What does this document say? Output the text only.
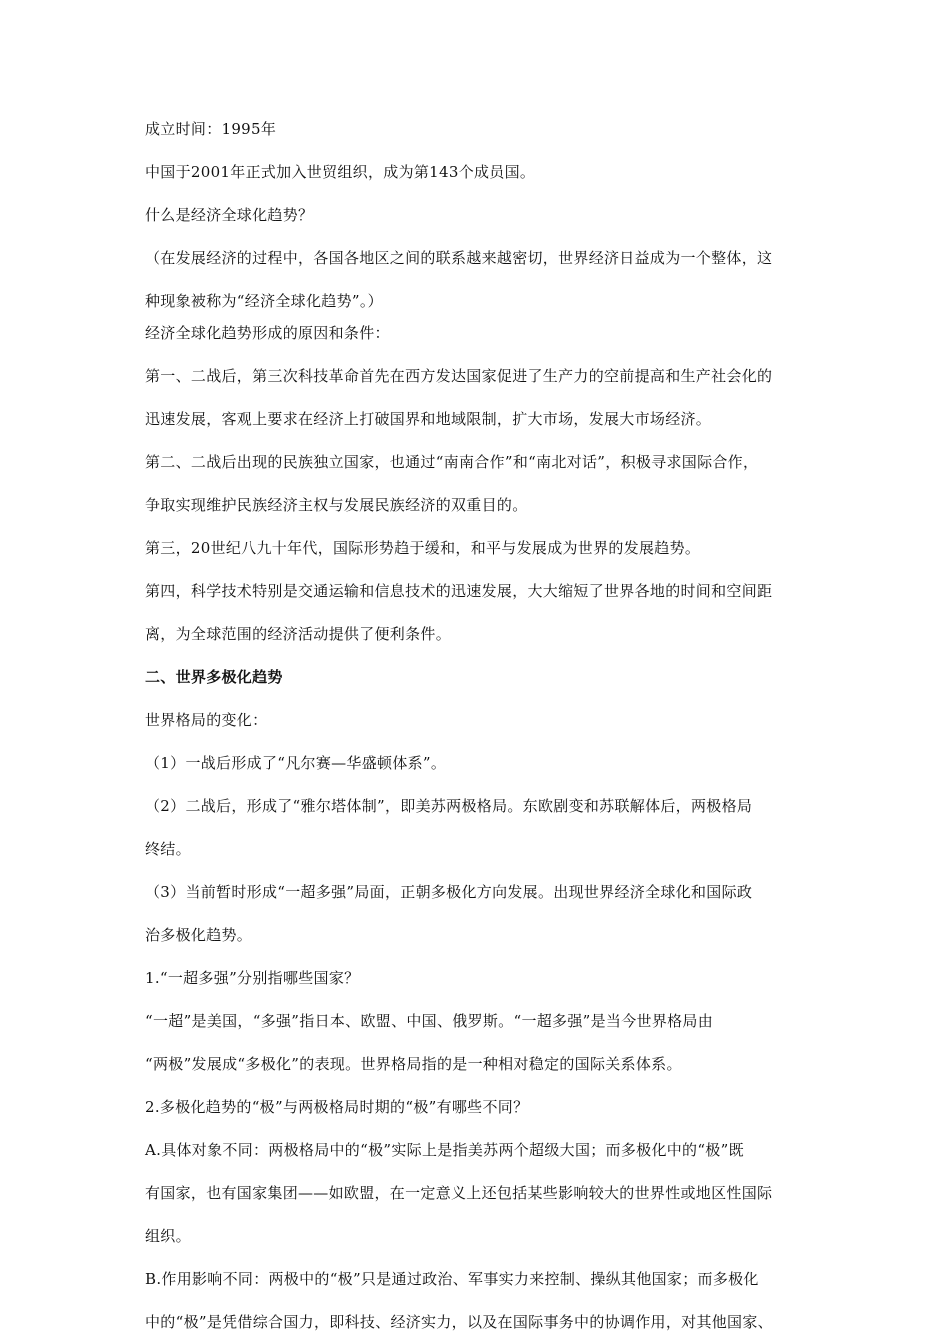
成立时间：1995年
中国于2001年正式加入世贸组织，成为第143个成员国。
什么是经济全球化趋势？
（在发展经济的过程中，各国各地区之间的联系越来越密切，世界经济日益成为一个整体，这
种现象被称为“经济全球化趋势”。）
经济全球化趋势形成的原因和条件：
第一、二战后，第三次科技革命首先在西方发达国家促进了生产力的空前提高和生产社会化的
迅速发展，客观上要求在经济上打破国界和地域限制，扩大市场，发展大市场经济。
第二、二战后出现的民族独立国家，也通过“南南合作”和“南北对话”，积极寻求国际合作，
争取实现维护民族经济主权与发展民族经济的双重目的。
第三，20世纪八九十年代，国际形势趋于缓和，和平与发展成为世界的发展趋势。
第四，科学技术特别是交通运输和信息技术的迅速发展，大大缩短了世界各地的时间和空间距
离，为全球范围的经济活动提供了便利条件。
二、世界多极化趋势
世界格局的变化：
（1）一战后形成了“凡尔赛—华盛顿体系”。
（2）二战后，形成了“雅尔塔体制”，即美苏两极格局。东欧剧变和苏联解体后，两极格局
终结。
（3）当前暂时形成“一超多强”局面，正朝多极化方向发展。出现世界经济全球化和国际政
治多极化趋势。
1.“一超多强”分别指哪些国家？
“一超”是美国，“多强”指日本、欧盟、中国、俄罗斯。“一超多强”是当今世界格局由
“两极”发展成“多极化”的表现。世界格局指的是一种相对稳定的国际关系体系。
2.多极化趋势的“极”与两极格局时期的“极”有哪些不同？
A.具体对象不同：两极格局中的“极”实际上是指美苏两个超级大国；而多极化中的“极”既
有国家，也有国家集团——如欧盟，在一定意义上还包括某些影响较大的世界性或地区性国际
组织。
B.作用影响不同：两极中的“极”只是通过政治、军事实力来控制、操纵其他国家；而多极化
中的“极”是凭借综合国力，即科技、经济实力，以及在国际事务中的协调作用，对其他国家、
